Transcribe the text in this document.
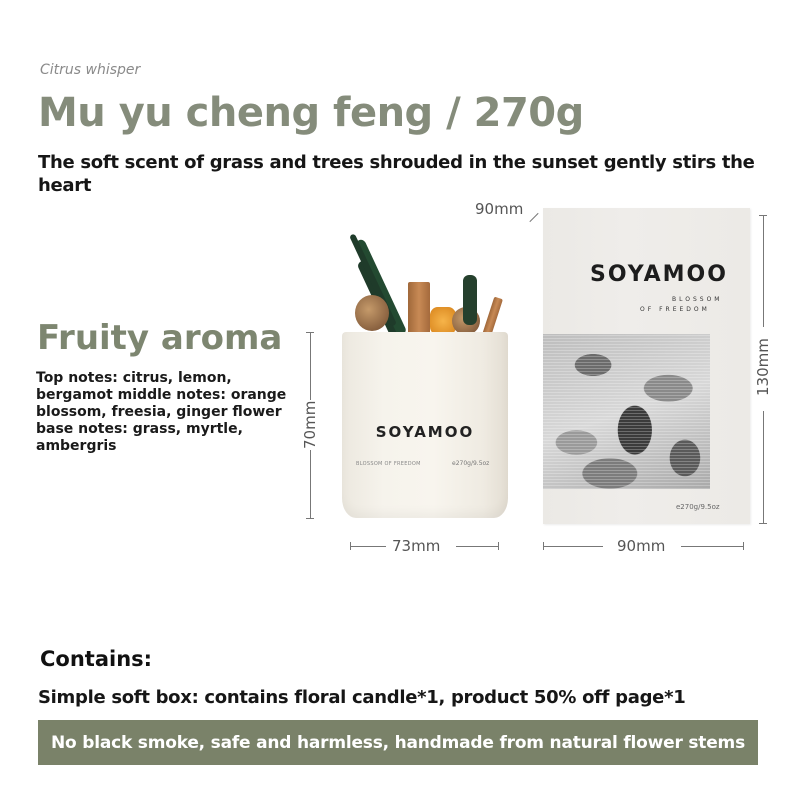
Citrus whisper
Mu yu cheng feng / 270g
The soft scent of grass and trees shrouded in the sunset gently stirs the heart
Fruity aroma
Top notes: citrus, lemon, bergamot middle notes: orange blossom, freesia, ginger flower base notes: grass, myrtle, ambergris	70mm	SOYAMOO
BLOSSOM OF FREEDOM	e270g/9.5oz
73mm
90mm
SOYAMOO
BLOSSOM
OF FREEDOM
e270g/9.5oz
130mm
90mm
Contains:
Simple soft box: contains floral candle*1, product 50% off page*1
No black smoke, safe and harmless, handmade from natural flower stems
